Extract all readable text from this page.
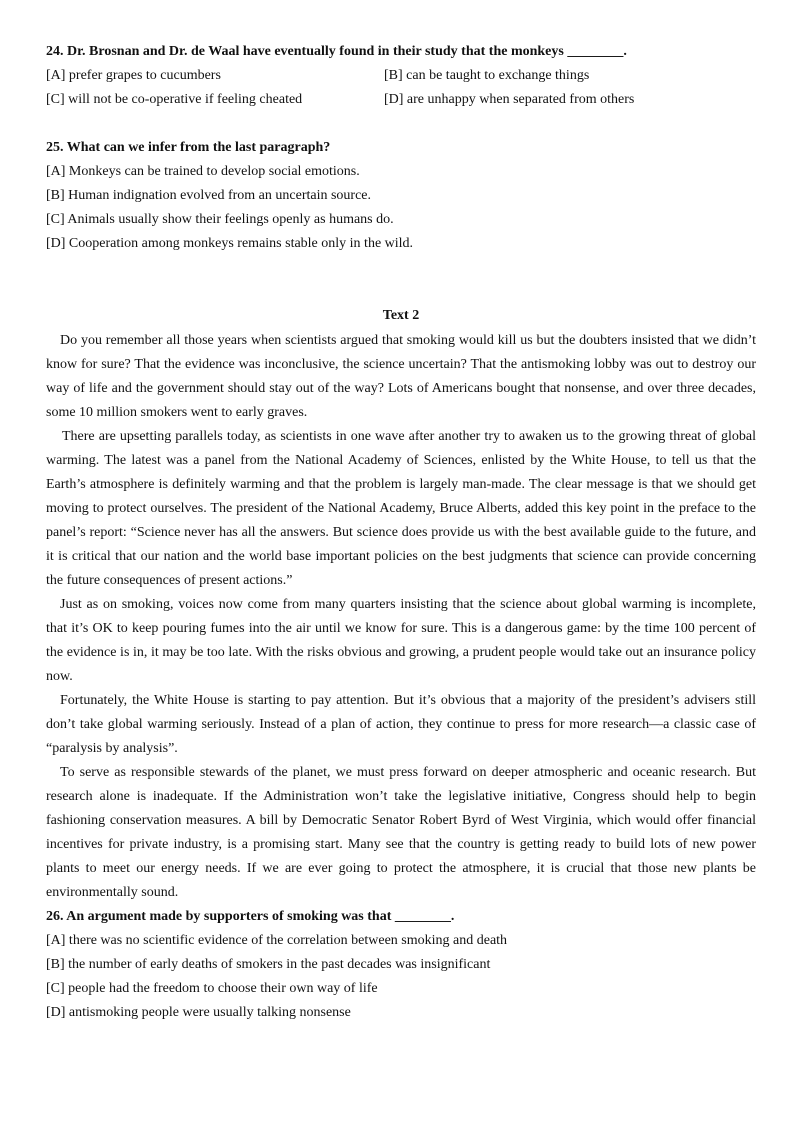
24. Dr. Brosnan and Dr. de Waal have eventually found in their study that the monkeys ________.
[A] prefer grapes to cucumbers	[B] can be taught to exchange things
[C] will not be co-operative if feeling cheated	[D] are unhappy when separated from others
25. What can we infer from the last paragraph?
[A] Monkeys can be trained to develop social emotions.
[B] Human indignation evolved from an uncertain source.
[C] Animals usually show their feelings openly as humans do.
[D] Cooperation among monkeys remains stable only in the wild.
Text 2

Do you remember all those years when scientists argued that smoking would kill us but the doubters insisted that we didn’t know for sure? That the evidence was inconclusive, the science uncertain? That the antismoking lobby was out to destroy our way of life and the government should stay out of the way? Lots of Americans bought that nonsense, and over three decades, some 10 million smokers went to early graves.

There are upsetting parallels today, as scientists in one wave after another try to awaken us to the growing threat of global warming. The latest was a panel from the National Academy of Sciences, enlisted by the White House, to tell us that the Earth’s atmosphere is definitely warming and that the problem is largely man-made. The clear message is that we should get moving to protect ourselves. The president of the National Academy, Bruce Alberts, added this key point in the preface to the panel’s report: “Science never has all the answers. But science does provide us with the best available guide to the future, and it is critical that our nation and the world base important policies on the best judgments that science can provide concerning the future consequences of present actions.”

Just as on smoking, voices now come from many quarters insisting that the science about global warming is incomplete, that it’s OK to keep pouring fumes into the air until we know for sure. This is a dangerous game: by the time 100 percent of the evidence is in, it may be too late. With the risks obvious and growing, a prudent people would take out an insurance policy now.

Fortunately, the White House is starting to pay attention. But it’s obvious that a majority of the president’s advisers still don’t take global warming seriously. Instead of a plan of action, they continue to press for more research—a classic case of “paralysis by analysis”.

To serve as responsible stewards of the planet, we must press forward on deeper atmospheric and oceanic research. But research alone is inadequate. If the Administration won’t take the legislative initiative, Congress should help to begin fashioning conservation measures. A bill by Democratic Senator Robert Byrd of West Virginia, which would offer financial incentives for private industry, is a promising start. Many see that the country is getting ready to build lots of new power plants to meet our energy needs. If we are ever going to protect the atmosphere, it is crucial that those new plants be environmentally sound.

26. An argument made by supporters of smoking was that ________.
[A] there was no scientific evidence of the correlation between smoking and death
[B] the number of early deaths of smokers in the past decades was insignificant
[C] people had the freedom to choose their own way of life
[D] antismoking people were usually talking nonsense
